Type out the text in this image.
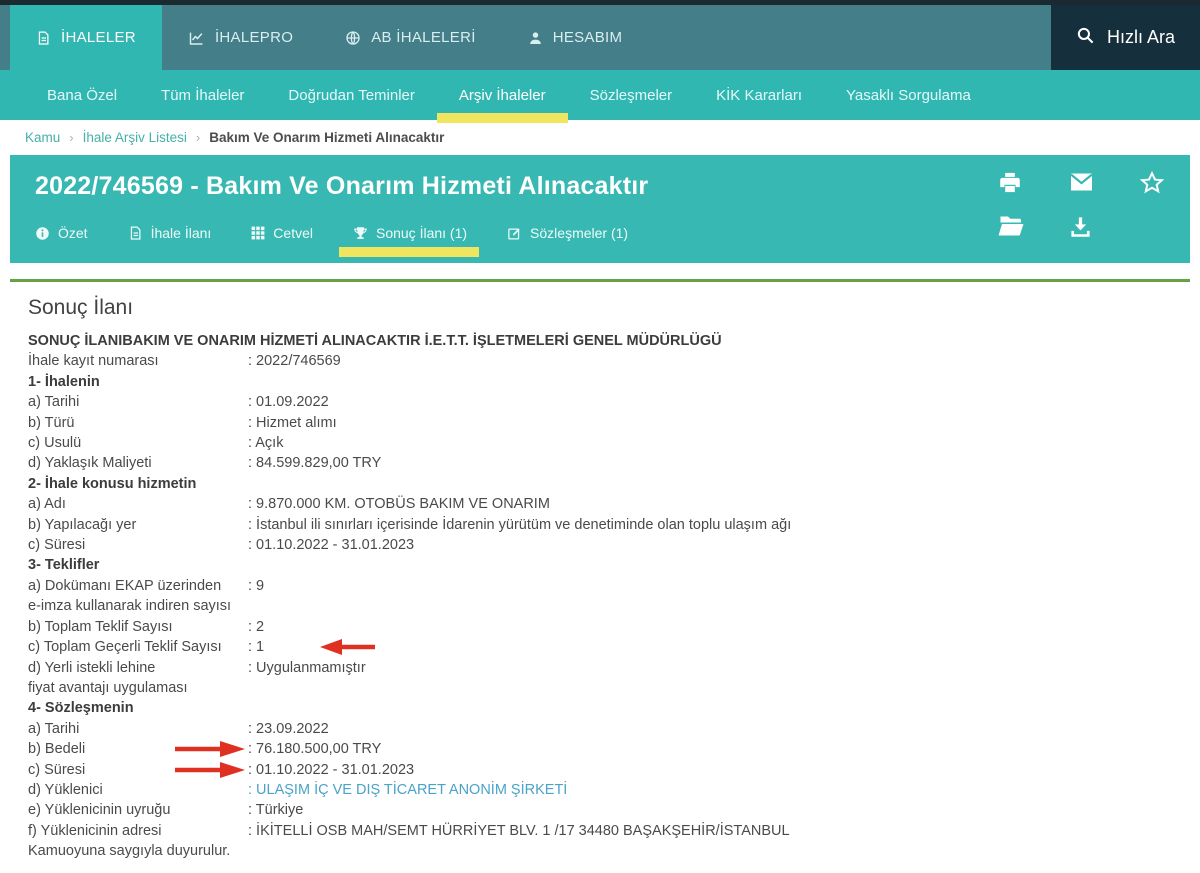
İHALELER	İHALEPRO	AB İHALELERİ	HESABIM	Hızlı Ara
Bana Özel	Tüm İhaleler	Doğrudan Teminler	Arşiv İhaleler	Sözleşmeler	KİK Kararları	Yasaklı Sorgulama
Kamu › İhale Arşiv Listesi › Bakım Ve Onarım Hizmeti Alınacaktır
2022/746569 - Bakım Ve Onarım Hizmeti Alınacaktır
Özet	İhale İlanı	Cetvel	Sonuç İlanı (1)	Sözleşmeler (1)
Sonuç İlanı
SONUÇ İLANIBAKIM VE ONARIM HİZMETİ ALINACAKTIR İ.E.T.T. İŞLETMELERİ GENEL MÜDÜRLÜGÜ
İhale kayıt numarası	: 2022/746569
1- İhalenin
a) Tarihi	: 01.09.2022
b) Türü	: Hizmet alımı
c) Usulü	: Açık
d) Yaklaşık Maliyeti	: 84.599.829,00 TRY
2- İhale konusu hizmetin
a) Adı	: 9.870.000 KM. OTOBÜS BAKIM VE ONARIM
b) Yapılacağı yer	: İstanbul ili sınırları içerisinde İdarenin yürütüm ve denetiminde olan toplu ulaşım ağı
c) Süresi	: 01.10.2022 - 31.01.2023
3- Teklifler
a) Dokümanı EKAP üzerinden	: 9
e-imza kullanarak indiren sayısı
b) Toplam Teklif Sayısı	: 2
c) Toplam Geçerli Teklif Sayısı	: 1
d) Yerli istekli lehine	: Uygulanmamıştır
fiyat avantajı uygulaması
4- Sözleşmenin
a) Tarihi	: 23.09.2022
b) Bedeli	: 76.180.500,00 TRY
c) Süresi	: 01.10.2022 - 31.01.2023
d) Yüklenici	: ULAŞIM İÇ VE DIŞ TİCARET ANONİM ŞİRKETİ
e) Yüklenicinin uyruğu	: Türkiye
f) Yüklenicinin adresi	: İKİTELLİ OSB MAH/SEMT HÜRRİYET BLV. 1 /17 34480 BAŞAKŞEHİR/İSTANBUL
Kamuoyuna saygıyla duyurulur.
